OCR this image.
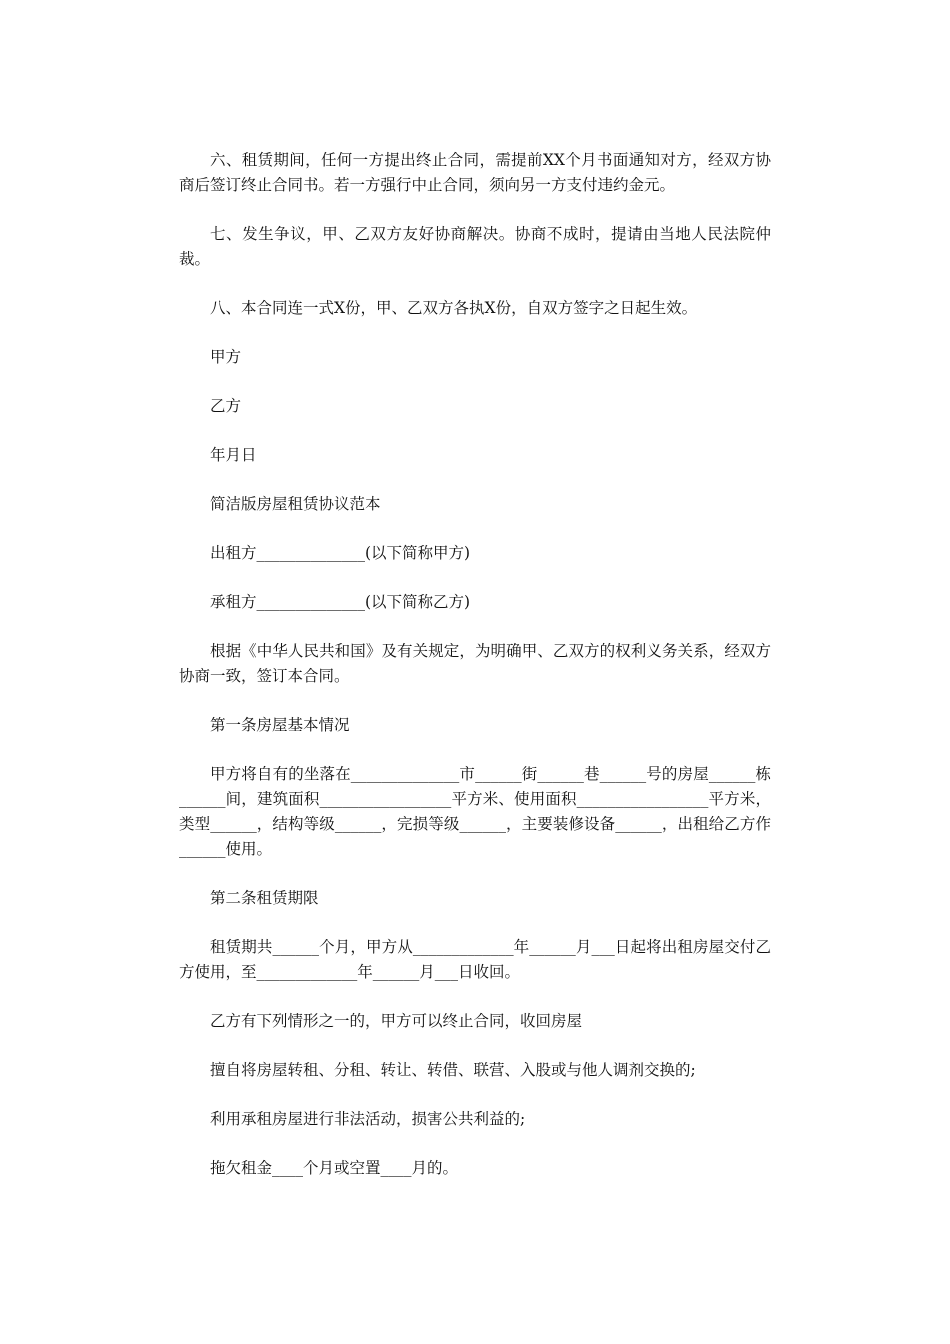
六、租赁期间，任何一方提出终止合同，需提前XX个月书面通知对方，经双方协商后签订终止合同书。若一方强行中止合同，须向另一方支付违约金元。

七、发生争议，甲、乙双方友好协商解决。协商不成时，提请由当地人民法院仲裁。

八、本合同连一式X份，甲、乙双方各执X份，自双方签字之日起生效。

甲方

乙方

年月日

简洁版房屋租赁协议范本

出租方______________(以下简称甲方)

承租方______________(以下简称乙方)

根据《中华人民共和国》及有关规定，为明确甲、乙双方的权利义务关系，经双方协商一致，签订本合同。

第一条房屋基本情况

甲方将自有的坐落在______________市______街______巷______号的房屋______栋______间，建筑面积_________________平方米、使用面积_________________平方米，类型______，结构等级______，完损等级______，主要装修设备______，出租给乙方作______使用。

第二条租赁期限

租赁期共______个月，甲方从_____________年______月___日起将出租房屋交付乙方使用，至_____________年______月___日收回。

乙方有下列情形之一的，甲方可以终止合同，收回房屋

擅自将房屋转租、分租、转让、转借、联营、入股或与他人调剂交换的;

利用承租房屋进行非法活动，损害公共利益的;

拖欠租金____个月或空置____月的。
